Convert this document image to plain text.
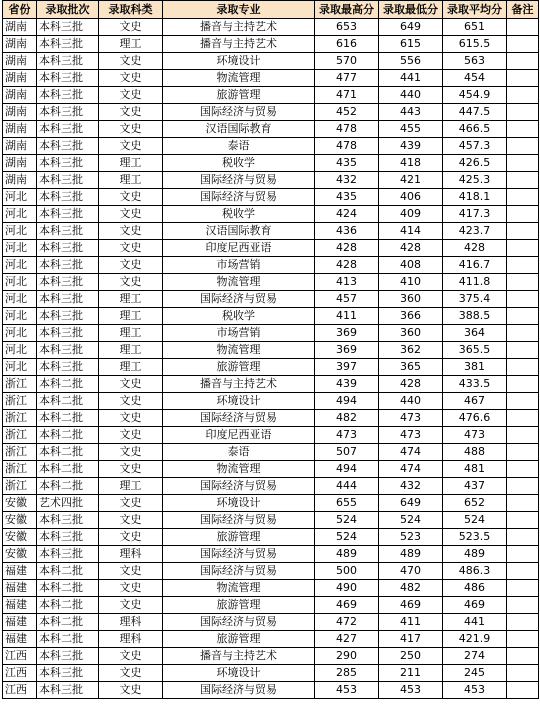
省份	录取批次	录取科类	录取专业	录取最高分	录取最低分	录取平均分	备注
湖南	本科三批	文史	播音与主持艺术	653	649	651	
湖南	本科三批	理工	播音与主持艺术	616	615	615.5	
湖南	本科三批	文史	环境设计	570	556	563	
湖南	本科三批	文史	物流管理	477	441	454	
湖南	本科三批	文史	旅游管理	471	440	454.9	
湖南	本科三批	文史	国际经济与贸易	452	443	447.5	
湖南	本科三批	文史	汉语国际教育	478	455	466.5	
湖南	本科三批	文史	泰语	478	439	457.3	
湖南	本科三批	理工	税收学	435	418	426.5	
湖南	本科三批	理工	国际经济与贸易	432	421	425.3	
河北	本科三批	文史	国际经济与贸易	435	406	418.1	
河北	本科三批	文史	税收学	424	409	417.3	
河北	本科三批	文史	汉语国际教育	436	414	423.7	
河北	本科三批	文史	印度尼西亚语	428	428	428	
河北	本科三批	文史	市场营销	428	408	416.7	
河北	本科三批	文史	物流管理	413	410	411.8	
河北	本科三批	理工	国际经济与贸易	457	360	375.4	
河北	本科三批	理工	税收学	411	366	388.5	
河北	本科三批	理工	市场营销	369	360	364	
河北	本科三批	理工	物流管理	369	362	365.5	
河北	本科三批	理工	旅游管理	397	365	381	
浙江	本科二批	文史	播音与主持艺术	439	428	433.5	
浙江	本科二批	文史	环境设计	494	440	467	
浙江	本科二批	文史	国际经济与贸易	482	473	476.6	
浙江	本科二批	文史	印度尼西亚语	473	473	473	
浙江	本科二批	文史	泰语	507	474	488	
浙江	本科二批	文史	物流管理	494	474	481	
浙江	本科二批	理工	国际经济与贸易	444	432	437	
安徽	艺术四批	文史	环境设计	655	649	652	
安徽	本科三批	文史	国际经济与贸易	524	524	524	
安徽	本科三批	文史	旅游管理	524	523	523.5	
安徽	本科三批	理科	国际经济与贸易	489	489	489	
福建	本科二批	文史	国际经济与贸易	500	470	486.3	
福建	本科二批	文史	物流管理	490	482	486	
福建	本科二批	文史	旅游管理	469	469	469	
福建	本科二批	理科	国际经济与贸易	472	411	441	
福建	本科二批	理科	旅游管理	427	417	421.9	
江西	本科三批	文史	播音与主持艺术	290	250	274	
江西	本科三批	文史	环境设计	285	211	245	
江西	本科三批	文史	国际经济与贸易	453	453	453	
